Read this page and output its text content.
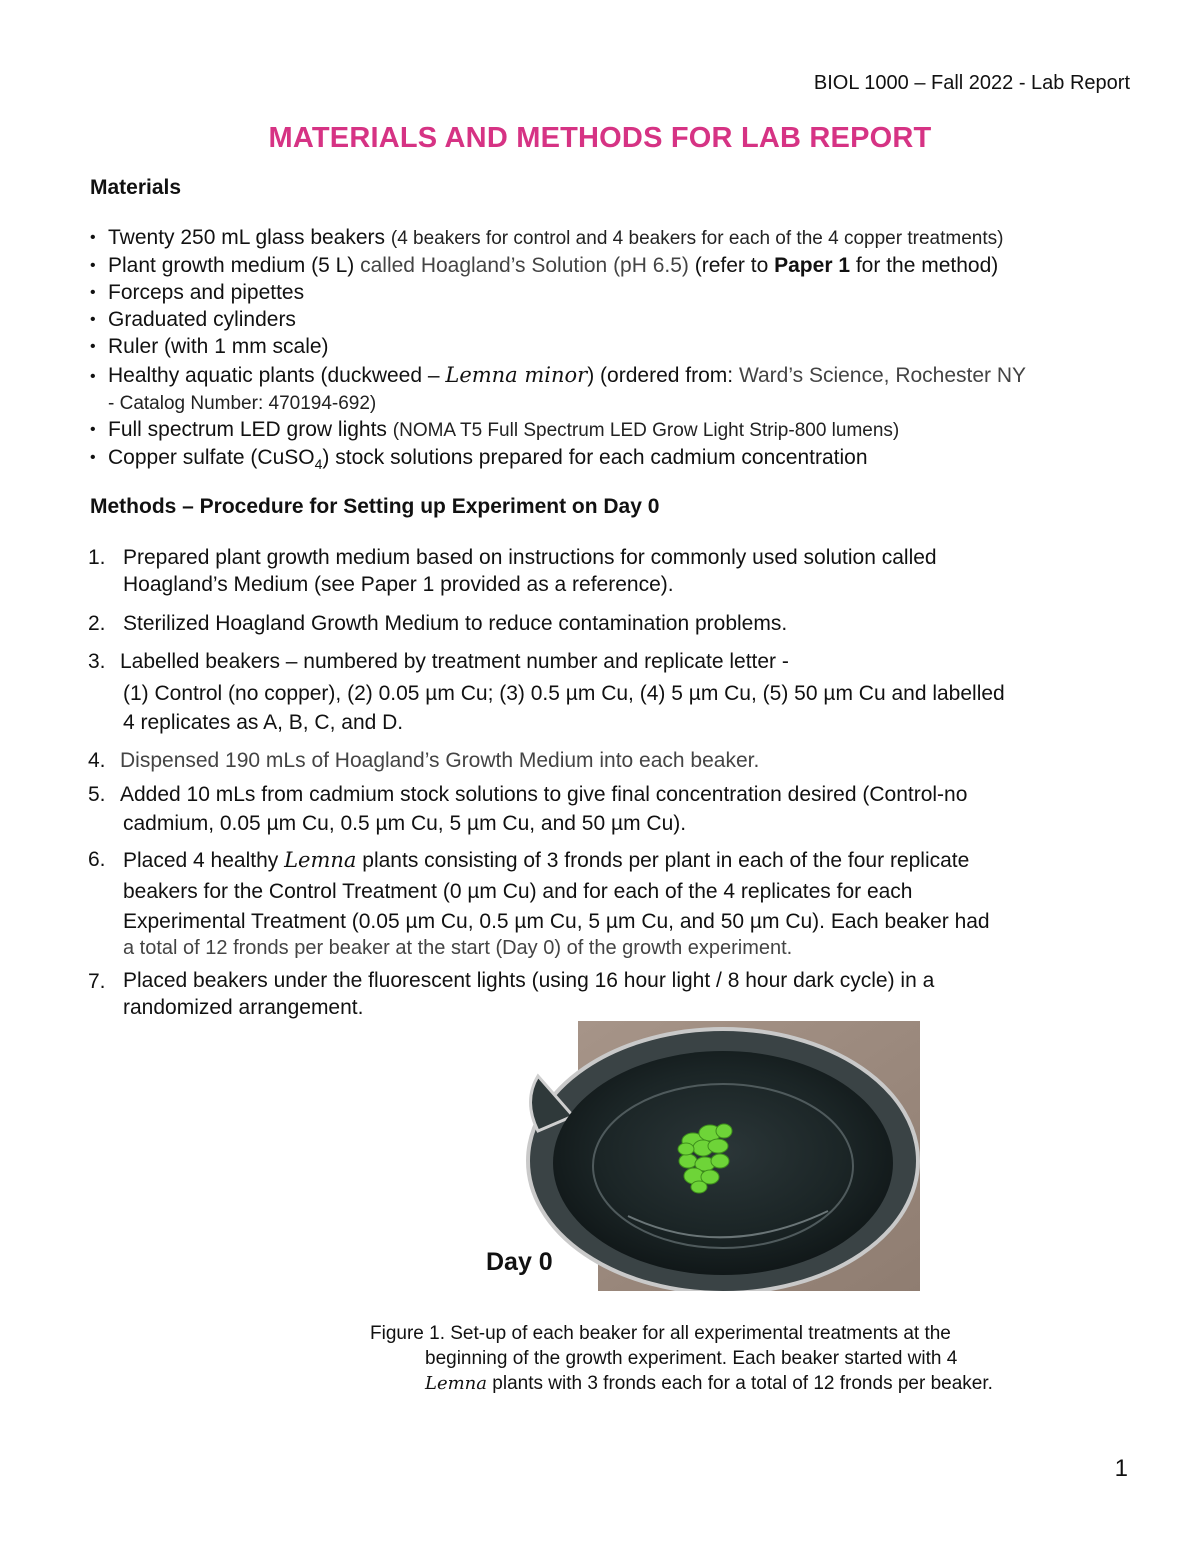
BIOL 1000 – Fall 2022 - Lab Report
MATERIALS AND METHODS FOR LAB REPORT
Materials
• Twenty 250 mL glass beakers (4 beakers for control and 4 beakers for each of the 4 copper treatments)
• Plant growth medium (5 L) called Hoagland’s Solution (pH 6.5) (refer to Paper 1 for the method)
• Forceps and pipettes
• Graduated cylinders
• Ruler (with 1 mm scale)
• Healthy aquatic plants (duckweed – Lemna minor) (ordered from: Ward’s Science, Rochester NY
- Catalog Number: 470194-692)
• Full spectrum LED grow lights (NOMA T5 Full Spectrum LED Grow Light Strip-800 lumens)
• Copper sulfate (CuSO$_4$) stock solutions prepared for each cadmium concentration
Methods – Procedure for Setting up Experiment on Day 0
1. Prepared plant growth medium based on instructions for commonly used solution called
Hoagland’s Medium (see Paper 1 provided as a reference).
2. Sterilized Hoagland Growth Medium to reduce contamination problems.
3. Labelled beakers – numbered by treatment number and replicate letter -
(1) Control (no copper), (2) 0.05 µm Cu; (3) 0.5 µm Cu, (4) 5 µm Cu, (5) 50 µm Cu and labelled
4 replicates as A, B, C, and D.
4. Dispensed 190 mLs of Hoagland’s Growth Medium into each beaker.
5. Added 10 mLs from cadmium stock solutions to give final concentration desired (Control-no
cadmium, 0.05 µm Cu, 0.5 µm Cu, 5 µm Cu, and 50 µm Cu).
6. Placed 4 healthy Lemna plants consisting of 3 fronds per plant in each of the four replicate
beakers for the Control Treatment (0 µm Cu) and for each of the 4 replicates for each
Experimental Treatment (0.05 µm Cu, 0.5 µm Cu, 5 µm Cu, and 50 µm Cu). Each beaker had
a total of 12 fronds per beaker at the start (Day 0) of the growth experiment.
7. Placed beakers under the fluorescent lights (using 16 hour light / 8 hour dark cycle) in a
randomized arrangement.
Day 0
Figure 1. Set-up of each beaker for all experimental treatments at the
beginning of the growth experiment. Each beaker started with 4
Lemna plants with 3 fronds each for a total of 12 fronds per beaker.
1
